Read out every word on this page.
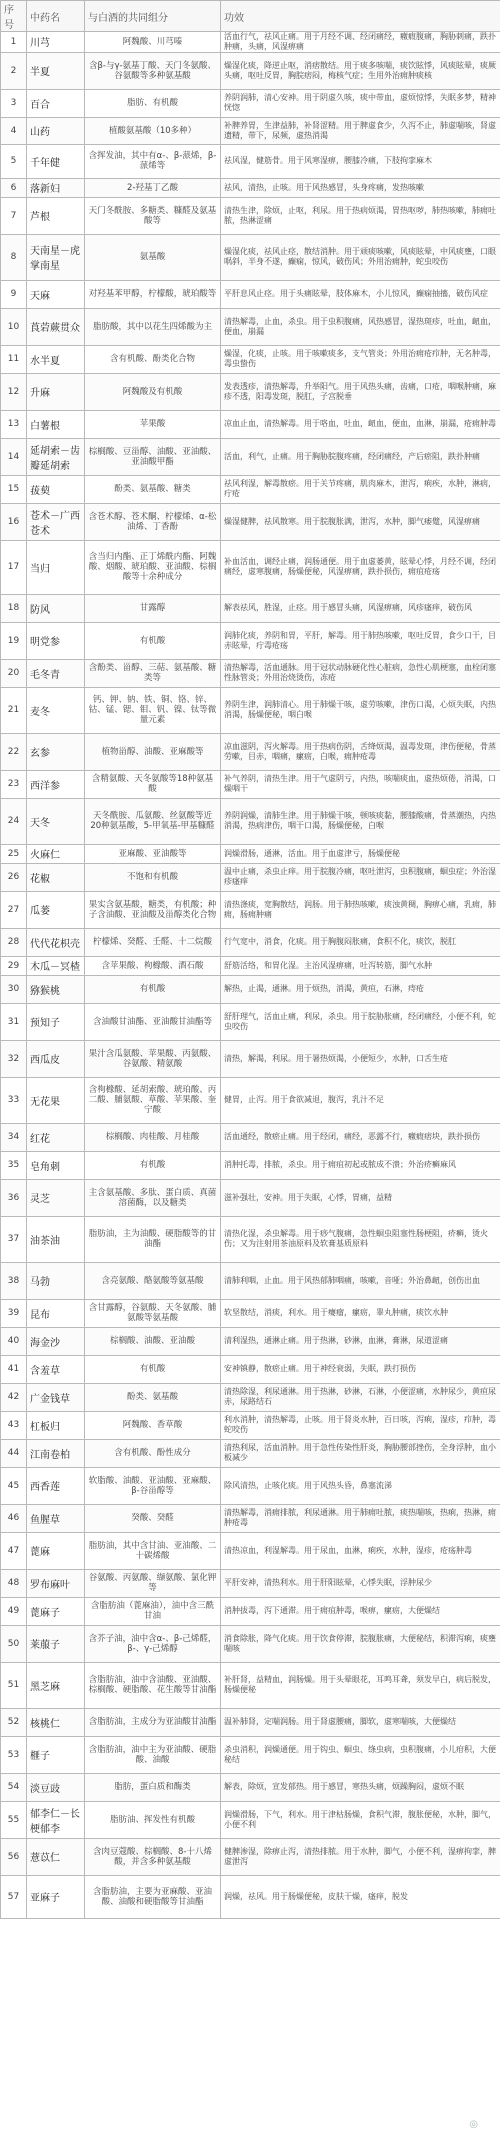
序号	中药名	与白酒的共同组分	功效
1	川芎	阿魏酸、川芎嗪	活血行气，祛风止痛。用于月经不调、经闭痛经，癥瘕腹痛，胸胁刺痛，跌扑肿痛，头痛，风湿痹痛
2	半夏	含β-与γ-氨基丁酸、天门冬氨酸、谷氨酸等多种氨基酸	燥湿化痰，降逆止呕，消痞散结。用于痰多咳喘，痰饮眩悸，风痰眩晕，痰厥头痛，呕吐反胃，胸脘痞闷，梅核气症；生用外治痈肿痰核
3	百合	脂肪、有机酸	养阴润肺，清心安神。用于阴虚久咳，痰中带血，虚烦惊悸，失眠多梦，精神恍惚
4	山药	植酸氨基酸（10多种）	补脾养胃，生津益肺，补肾涩精。用于脾虚食少，久泻不止，肺虚喘咳，肾虚遗精，带下，尿频，虚热消渴
5	千年健	含挥发油，其中有α-、β-蒎烯，β-蒎烯等	祛风湿，健筋骨。用于风寒湿痹，腰膝冷痛，下肢拘挛麻木
6	落新妇	2-羟基丁乙酸	祛风，清热，止咳。用于风热感冒，头身疼痛，发热咳嗽
7	芦根	天门冬酰胺、多糖类、糠醛及氨基酸等	清热生津，除烦，止呕，利尿。用于热病烦渴，胃热呕哕，肺热咳嗽，肺痈吐脓，热淋涩痛
8	天南星－虎掌南星	氨基酸	燥湿化痰，祛风止痉，散结消肿。用于顽痰咳嗽，风痰眩晕，中风痰壅，口眼㖞斜，半身不遂，癫痫，惊风，破伤风；外用治痈肿，蛇虫咬伤
9	天麻	对羟基苯甲醇，柠檬酸，琥珀酸等	平肝息风止痉。用于头痛眩晕，肢体麻木，小儿惊风，癫痫抽搐，破伤风症
10	莨菪蕨贯众	脂肪酸，其中以花生四烯酸为主	清热解毒，止血，杀虫。用于虫积腹痛，风热感冒，湿热斑疹，吐血，衄血，便血，崩漏
11	水半夏	含有机酸、酚类化合物	燥湿，化痰，止咳。用于咳嗽痰多，支气管炎；外用治痈疮疖肿，无名肿毒，毒虫蛰伤
12	升麻	阿魏酸及有机酸	发表透疹，清热解毒，升举阳气。用于风热头痛，齿痛，口疮，咽喉肿痛，麻疹不透，阳毒发斑，脱肛，子宫脱垂
13	白薯根	苹果酸	凉血止血，清热解毒。用于咯血，吐血，衄血，便血，血淋，崩漏，疮痈肿毒
14	延胡索－齿瓣延胡索	棕榈酸、豆甾醇、油酸、亚油酸、亚油酸甲酯	活血，利气，止痛。用于胸胁脘腹疼痛，经闭痛经，产后瘀阻，跌扑肿痛
15	菝葜	酚类、氨基酸、糖类	祛风利湿，解毒散瘀。用于关节疼痛，肌肉麻木，泄泻，痢疾，水肿，淋病，疔疮
16	苍术－广西苍术	含苍术醇、苍术酮、柠檬烯、α-松油烯、丁香酚	燥湿健脾，祛风散寒。用于脘腹胀满，泄泻，水肿，脚气痿躄，风湿痹痛
17	当归	含当归内酯、正丁烯酰内酯、阿魏酸、烟酸、琥珀酸、亚油酸、棕榈酸等十余种成分	补血活血，调经止痛，润肠通便。用于血虚萎黄，眩晕心悸，月经不调，经闭痛经，虚寒腹痛，肠燥便秘，风湿痹痛，跌扑损伤，痈疽疮疡
18	防风	甘露醇	解表祛风，胜湿，止痉。用于感冒头痛，风湿痹痛，风疹瘙痒，破伤风
19	明党参	有机酸	润肺化痰，养阴和胃，平肝，解毒。用于肺热咳嗽，呕吐反胃，食少口干，目赤眩晕，疔毒疮疡
20	毛冬青	含酚类、甾醇、三萜、氨基酸、糖类等	清热解毒，活血通脉。用于冠状动脉硬化性心脏病，急性心肌梗塞，血栓闭塞性脉管炎；外用治烧烫伤，冻疮
21	麦冬	钙、钾、钠、铁、铜、铬、锌、钴、锰、锶、钼、钒、镍、钛等微量元素	养阴生津，润肺清心。用于肺燥干咳，虚劳咳嗽，津伤口渴，心烦失眠，内热消渴，肠燥便秘，咽白喉
22	玄参	植物甾醇、油酸、亚麻酸等	凉血滋阴，泻火解毒。用于热病伤阴，舌绛烦渴，温毒发斑，津伤便秘，骨蒸劳嗽，目赤，咽痛，瘰疬，白喉，痈肿疮毒
23	西洋参	含精氨酸、天冬氨酸等18种氨基酸	补气养阴，清热生津。用于气虚阴亏，内热，咳喘痰血，虚热烦倦，消渴，口燥咽干
24	天冬	天冬酰胺、瓜氨酸、丝氨酸等近20种氨基酸，5-甲氧基-甲基糠醛	养阴润燥，清肺生津。用于肺燥干咳，顿咳痰黏，腰膝酸痛，骨蒸潮热，内热消渴，热病津伤，咽干口渴，肠燥便秘，白喉
25	火麻仁	亚麻酸、亚油酸等	润燥滑肠，通淋，活血。用于血虚津亏，肠燥便秘
26	花椒	不饱和有机酸	温中止痛，杀虫止痒。用于脘腹冷痛，呕吐泄泻，虫积腹痛，蛔虫症；外治湿疹瘙痒
27	瓜蒌	果实含氨基酸，糖类，有机酸；种子含油酸、亚油酸及甾醇类化合物	清热涤痰，宽胸散结，润肠。用于肺热咳嗽，痰浊黄稠，胸痹心痛，乳痈，肺痈，肠痈肿痛
28	代代花枳壳	柠檬烯、癸醛、壬醛、十二烷酸	行气宽中，消食，化痰。用于胸腹闷胀痛，食积不化，痰饮，脱肛
29	木瓜－冥楂	含苹果酸、枸橼酸、酒石酸	舒筋活络，和胃化湿。主治风湿痹痛，吐泻转筋，脚气水肿
30	猕猴桃	有机酸	解热，止渴，通淋。用于烦热，消渴，黄疸，石淋，痔疮
31	预知子	含油酸甘油酯、亚油酸甘油酯等	舒肝理气，活血止痛，利尿，杀虫。用于脘胁胀痛，经闭痛经，小便不利，蛇虫咬伤
32	西瓜皮	果汁含瓜氨酸、苹果酸、丙氨酸、谷氨酸、精氨酸	清热，解渴，利尿。用于暑热烦渴，小便短少，水肿，口舌生疮
33	无花果	含枸橼酸、延胡索酸、琥珀酸、丙二酸、脯氨酸、草酸、苹果酸、奎宁酸	健胃，止泻。用于食欲减退，腹泻，乳汁不足
34	红花	棕榈酸、肉桂酸、月桂酸	活血通经，散瘀止痛。用于经闭，痛经，恶露不行，癥瘕痞块，跌扑损伤
35	皂角刺	有机酸	消肿托毒，排脓，杀虫。用于痈疽初起或脓成不溃；外治疥癣麻风
36	灵芝	主含氨基酸、多肽、蛋白质、真菌溶菌酶，以及糖类	滋补强壮，安神。用于失眠，心悸，胃痛，益精
37	油茶油	脂肪油，主为油酸、硬脂酸等的甘油酯	清热化湿，杀虫解毒。用于痧气腹痛，急性蛔虫阻塞性肠梗阻，疥癣，烫火伤；又为注射用茶油原料及软膏基质原料
38	马勃	含亮氨酸、酪氨酸等氨基酸	清肺利咽，止血。用于风热郁肺咽痛，咳嗽，音哑；外治鼻衄，创伤出血
39	昆布	含甘露醇，谷氨酸、天冬氨酸、脯氨酸等氨基酸	软坚散结，消痰，利水。用于瘿瘤，瘰疬，睾丸肿痛，痰饮水肿
40	海金沙	棕榈酸、油酸、亚油酸	清利湿热，通淋止痛。用于热淋，砂淋，血淋，膏淋，尿道涩痛
41	含羞草	有机酸	安神镇静，散瘀止痛。用于神经衰弱，失眠，跌打损伤
42	广金钱草	酚类、氨基酸	清热除湿，利尿通淋。用于热淋，砂淋，石淋，小便涩痛，水肿尿少，黄疸尿赤，尿路结石
43	杠板归	阿魏酸、香草酸	利水消肿，清热解毒，止咳。用于肾炎水肿，百日咳，泻痢，湿疹，疖肿，毒蛇咬伤
44	江南卷柏	含有机酸、酚性成分	清热利尿，活血消肿。用于急性传染性肝炎，胸胁腰部挫伤，全身浮肿，血小板减少
45	西香莲	软脂酸、油酸、亚油酸、亚麻酸、β-谷甾醇等	除风清热，止咳化痰。用于风热头昏，鼻塞流涕
46	鱼腥草	癸酸、癸醛	清热解毒，消痈排脓，利尿通淋。用于肺痈吐脓，痰热喘咳，热痢，热淋，痈肿疮毒
47	蓖麻	脂肪油，其中含甘油、亚油酸、二十碳烯酸	清热凉血，利湿解毒。用于尿血，血淋，痢疾，水肿，湿疹，疮疡肿毒
48	罗布麻叶	谷氨酸、丙氨酸、缬氨酸、氯化钾等	平肝安神，清热利水。用于肝阳眩晕，心悸失眠，浮肿尿少
49	蓖麻子	含脂肪油（蓖麻油），油中含三酰甘油	消肿拔毒，泻下通滞。用于痈疽肿毒，喉痹，瘰疬，大便燥结
50	莱菔子	含芥子油，油中含α-、β-己烯醛，β-、γ-己烯醇	消食除胀，降气化痰。用于饮食停滞，脘腹胀痛，大便秘结，积滞泻痢，痰壅喘咳
51	黑芝麻	含脂肪油，油中含油酸、亚油酸、棕榈酸、硬脂酸、花生酸等甘油酯	补肝肾，益精血，润肠燥。用于头晕眼花，耳鸣耳聋，须发早白，病后脱发，肠燥便秘
52	核桃仁	含脂肪油，主成分为亚油酸甘油酯	温补肺肾，定喘润肠。用于肾虚腰痛，脚软，虚寒喘咳，大便燥结
53	榧子	含脂肪油，油中主为亚油酸、硬脂酸、油酸	杀虫消积，润燥通便。用于钩虫、蛔虫、绦虫病，虫积腹痛，小儿疳积，大便秘结
54	淡豆豉	脂肪，蛋白质和酶类	解表，除烦，宣发郁热。用于感冒，寒热头痛，烦躁胸闷，虚烦不眠
55	郁李仁－长梗郁李	脂肪油、挥发性有机酸	润燥滑肠，下气，利水。用于津枯肠燥，食积气滞，腹胀便秘，水肿，脚气，小便不利
56	薏苡仁	含肉豆蔻酸、棕榈酸、8-十八烯酸，并含多种氨基酸	健脾渗湿，除痹止泻，清热排脓。用于水肿，脚气，小便不利，湿痹拘挛，脾虚泄泻
57	亚麻子	含脂肪油，主要为亚麻酸、亚油酸、油酸和硬脂酸等甘油酯	润燥，祛风。用于肠燥便秘，皮肤干燥，瘙痒，脱发
◎
